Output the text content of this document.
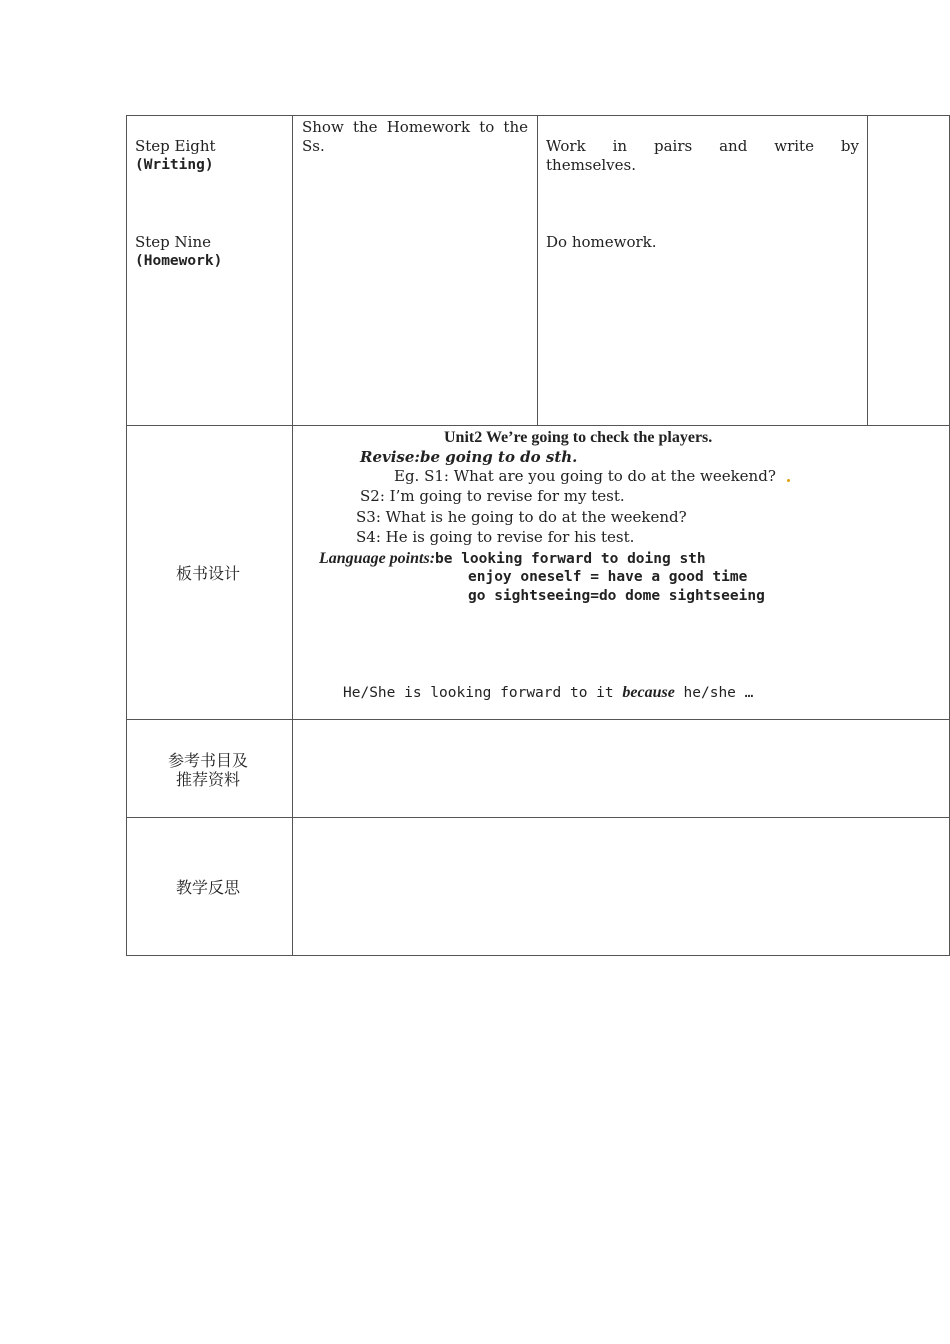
Step Eight
(Writing)
Step Nine
(Homework)
Show the Homework to the
Ss.	Work in pairs and write by
themselves.
Do homework.
板书设计
Unit2 We’re going to check the players.
Revise:be going to do sth.
Eg. S1: What are you going to do at the weekend?
S2: I’m going to revise for my test.
S3: What is he going to do at the weekend?
S4: He is going to revise for his test.
Language points:be looking forward to doing sth
enjoy oneself = have a good time
go sightseeing=do dome sightseeing
He/She is looking forward to it because he/she …
参考书目及
推荐资料
教学反思
